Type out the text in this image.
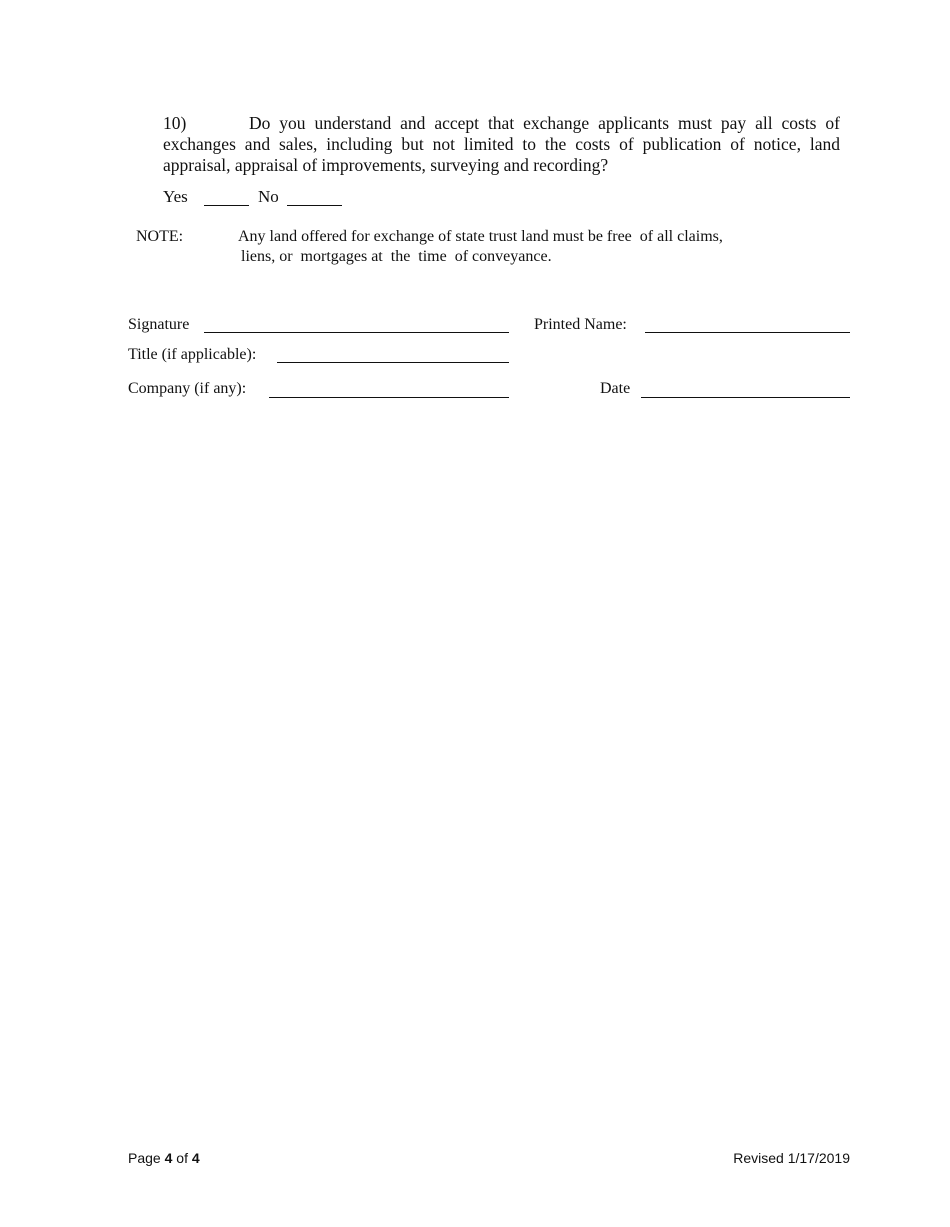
10)	Do you understand and accept that exchange applicants must pay all costs of exchanges and sales, including but not limited to the costs of publication of notice, land appraisal, appraisal of improvements, surveying and recording?
Yes	No
NOTE:	Any land offered for exchange of state trust land must be free  of all claims,
liens, or  mortgages at  the  time  of conveyance.
Signature	Printed Name:
Title (if applicable):
Company (if any):	Date
Page 4 of 4	Revised 1/17/2019
